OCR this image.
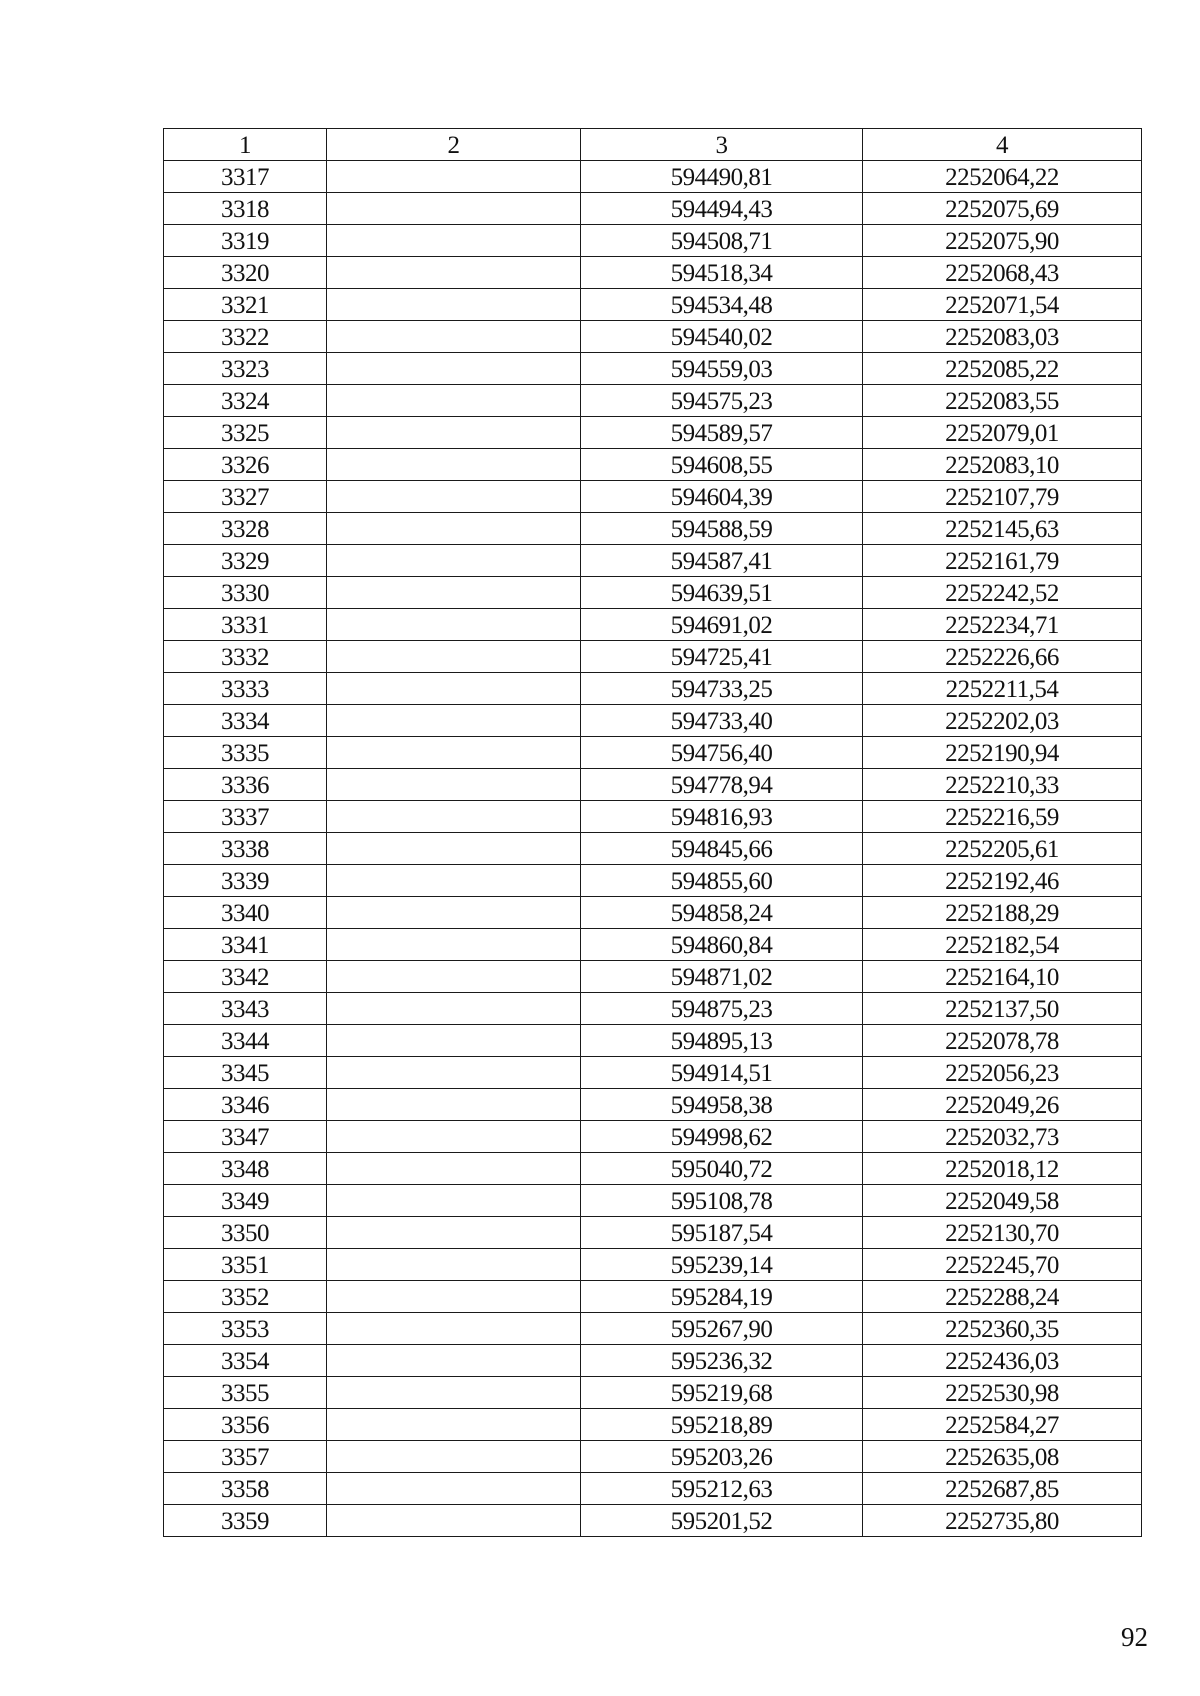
1	2	3	4
3317		594490,81	2252064,22
3318		594494,43	2252075,69
3319		594508,71	2252075,90
3320		594518,34	2252068,43
3321		594534,48	2252071,54
3322		594540,02	2252083,03
3323		594559,03	2252085,22
3324		594575,23	2252083,55
3325		594589,57	2252079,01
3326		594608,55	2252083,10
3327		594604,39	2252107,79
3328		594588,59	2252145,63
3329		594587,41	2252161,79
3330		594639,51	2252242,52
3331		594691,02	2252234,71
3332		594725,41	2252226,66
3333		594733,25	2252211,54
3334		594733,40	2252202,03
3335		594756,40	2252190,94
3336		594778,94	2252210,33
3337		594816,93	2252216,59
3338		594845,66	2252205,61
3339		594855,60	2252192,46
3340		594858,24	2252188,29
3341		594860,84	2252182,54
3342		594871,02	2252164,10
3343		594875,23	2252137,50
3344		594895,13	2252078,78
3345		594914,51	2252056,23
3346		594958,38	2252049,26
3347		594998,62	2252032,73
3348		595040,72	2252018,12
3349		595108,78	2252049,58
3350		595187,54	2252130,70
3351		595239,14	2252245,70
3352		595284,19	2252288,24
3353		595267,90	2252360,35
3354		595236,32	2252436,03
3355		595219,68	2252530,98
3356		595218,89	2252584,27
3357		595203,26	2252635,08
3358		595212,63	2252687,85
3359		595201,52	2252735,80
92
